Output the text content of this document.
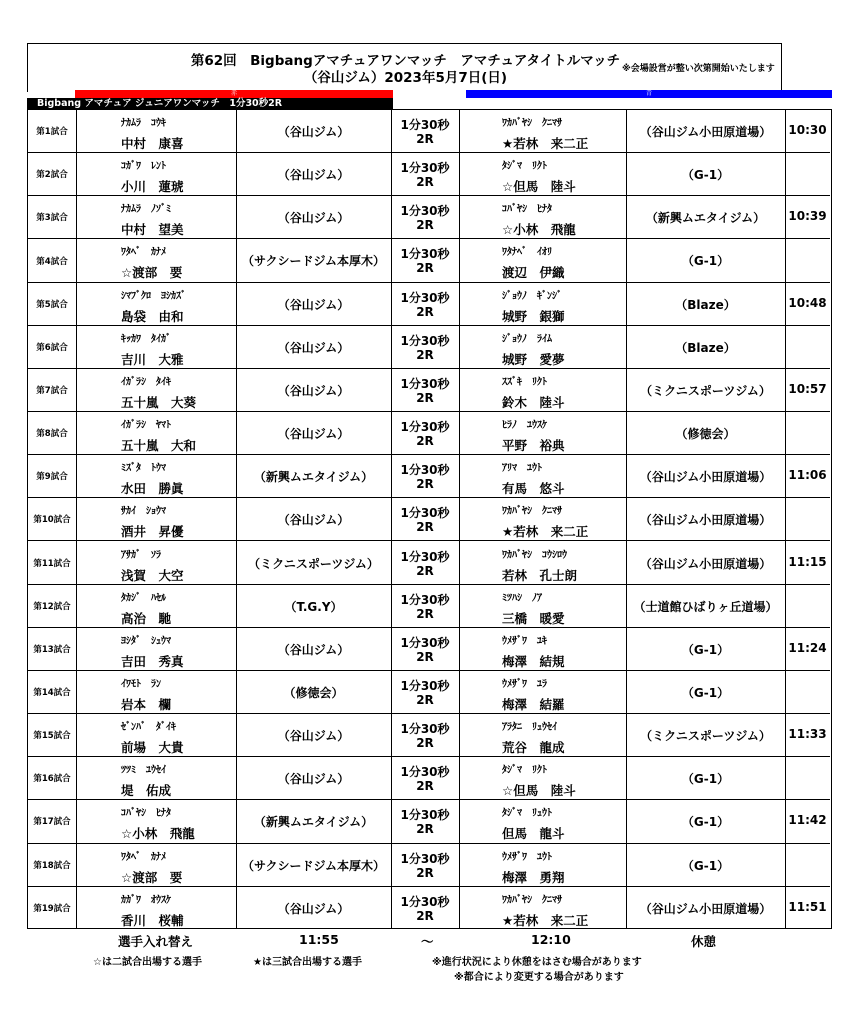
第62回　Bigbangアマチュアワンマッチ　アマチュアタイトルマッチ
（谷山ジム）2023年5月7日(日)
※会場設営が整い次第開始いたします
赤	青
Bigbang アマチュア ジュニアワンマッチ　1分30秒2R
第1試合
ﾅｶﾑﾗ　ｺｳｷ
中村　康喜
（谷山ジム）	1分30秒
2R
ﾜｶﾊﾞﾔｼ　ｸﾆﾏｻ
★若林　来二正
（谷山ジム小田原道場）	10:30
第2試合
ｺｶﾞﾜ　ﾚﾝﾄ
小川　蓮琥
（谷山ジム）	1分30秒
2R
ﾀｼﾞﾏ　ﾘｸﾄ
☆但馬　陸斗
（G-1）
第3試合
ﾅｶﾑﾗ　ﾉｿﾞﾐ
中村　望美
（谷山ジム）	1分30秒
2R
ｺﾊﾞﾔｼ　ﾋﾅﾀ
☆小林　飛龍
（新興ムエタイジム）	10:39
第4試合
ﾜﾀﾍﾞ　ｶﾅﾒ
☆渡部　要
（サクシードジム本厚木）	1分30秒
2R
ﾜﾀﾅﾍﾞ　ｲｵﾘ
渡辺　伊織
（G-1）
第5試合
ｼﾏﾌﾞｸﾛ　ﾖｼｶｽﾞ
島袋　由和
（谷山ジム）	1分30秒
2R
ｼﾞｮｳﾉ　ｷﾞﾝｼﾞ
城野　銀獅
（Blaze）	10:48
第6試合
ｷｯｶﾜ　ﾀｲｶﾞ
吉川　大雅
（谷山ジム）	1分30秒
2R
ｼﾞｮｳﾉ　ﾗｲﾑ
城野　愛夢
（Blaze）
第7試合
ｲｶﾞﾗｼ　ﾀｲｷ
五十嵐　大葵
（谷山ジム）	1分30秒
2R
ｽｽﾞｷ　ﾘｸﾄ
鈴木　陸斗
（ミクニスポーツジム）	10:57
第8試合
ｲｶﾞﾗｼ　ﾔﾏﾄ
五十嵐　大和
（谷山ジム）	1分30秒
2R
ﾋﾗﾉ　ﾕｳｽｹ
平野　裕典
（修徳会）
第9試合
ﾐｽﾞﾀ　ﾄｳﾏ
水田　勝眞
（新興ムエタイジム）	1分30秒
2R
ｱﾘﾏ　ﾕｳﾄ
有馬　悠斗
（谷山ジム小田原道場）	11:06
第10試合
ｻｶｲ　ｼｮｳﾏ
酒井　昇優
（谷山ジム）	1分30秒
2R
ﾜｶﾊﾞﾔｼ　ｸﾆﾏｻ
★若林　来二正
（谷山ジム小田原道場）
第11試合
ｱｻｶﾞ　ｿﾗ
浅賀　大空
（ミクニスポーツジム）	1分30秒
2R
ﾜｶﾊﾞﾔｼ　ｺｳｼﾛｳ
若林　孔士朗
（谷山ジム小田原道場）	11:15
第12試合
ﾀｶｼﾞ　ﾊｾﾙ
高治　馳
（T.G.Y）	1分30秒
2R
ﾐﾂﾊｼ　ﾉｱ
三橋　暖愛
（士道館ひばりヶ丘道場）
第13試合
ﾖｼﾀﾞ　ｼｭｳﾏ
吉田　秀真
（谷山ジム）	1分30秒
2R
ｳﾒｻﾞﾜ　ﾕｷ
梅澤　結規
（G-1）	11:24
第14試合
ｲﾜﾓﾄ　ﾗﾝ
岩本　欄
（修徳会）	1分30秒
2R
ｳﾒｻﾞﾜ　ﾕﾗ
梅澤　結羅
（G-1）
第15試合
ｾﾞﾝﾊﾞ　ﾀﾞｲｷ
前場　大貴
（谷山ジム）	1分30秒
2R
ｱﾗﾀﾆ　ﾘｭｳｾｲ
荒谷　龍成
（ミクニスポーツジム）	11:33
第16試合
ﾂﾂﾐ　ﾕｳｾｲ
堤　佑成
（谷山ジム）	1分30秒
2R
ﾀｼﾞﾏ　ﾘｸﾄ
☆但馬　陸斗
（G-1）
第17試合
ｺﾊﾞﾔｼ　ﾋﾅﾀ
☆小林　飛龍
（新興ムエタイジム）	1分30秒
2R
ﾀｼﾞﾏ　ﾘｭｳﾄ
但馬　龍斗
（G-1）	11:42
第18試合
ﾜﾀﾍﾞ　ｶﾅﾒ
☆渡部　要
（サクシードジム本厚木）	1分30秒
2R
ｳﾒｻﾞﾜ　ﾕｳﾄ
梅澤　勇翔
（G-1）
第19試合
ｶｶﾞﾜ　ｵｳｽｹ
香川　桜輔
（谷山ジム）	1分30秒
2R
ﾜｶﾊﾞﾔｼ　ｸﾆﾏｻ
★若林　来二正
（谷山ジム小田原道場）	11:51
選手入れ替え	11:55	〜	12:10	休憩
☆は二試合出場する選手	★は三試合出場する選手	※進行状況により休憩をはさむ場合があります
※都合により変更する場合があります
